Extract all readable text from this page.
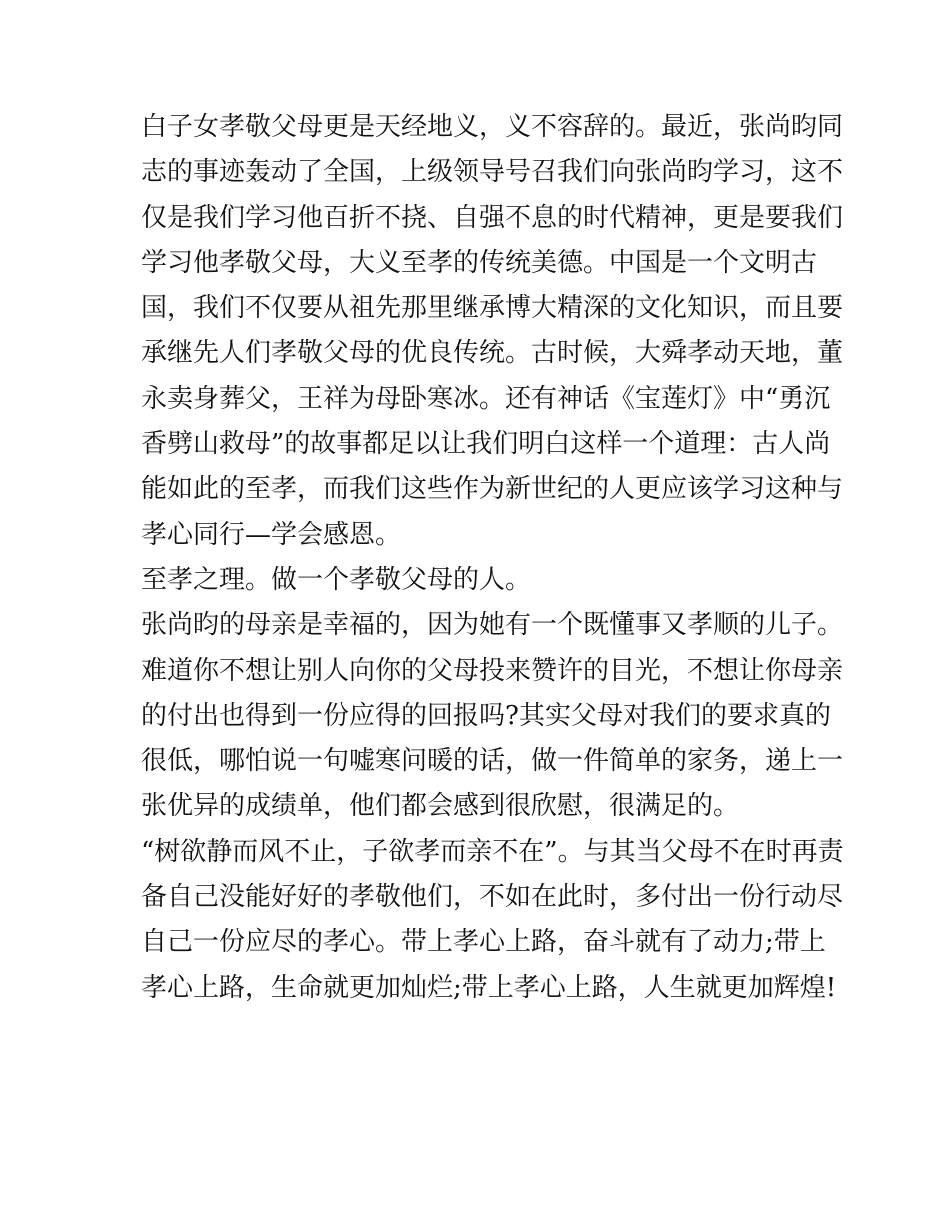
白子女孝敬父母更是天经地义，义不容辞的。最近，张尚昀同
志的事迹轰动了全国，上级领导号召我们向张尚昀学习，这不
仅是我们学习他百折不挠、自强不息的时代精神，更是要我们
学习他孝敬父母，大义至孝的传统美德。中国是一个文明古
国，我们不仅要从祖先那里继承博大精深的文化知识，而且要
承继先人们孝敬父母的优良传统。古时候，大舜孝动天地，董
永卖身葬父，王祥为母卧寒冰。还有神话《宝莲灯》中“勇沉
香劈山救母”的故事都足以让我们明白这样一个道理：古人尚
能如此的至孝，而我们这些作为新世纪的人更应该学习这种与
孝心同行—学会感恩。
至孝之理。做一个孝敬父母的人。
张尚昀的母亲是幸福的，因为她有一个既懂事又孝顺的儿子。
难道你不想让别人向你的父母投来赞许的目光，不想让你母亲
的付出也得到一份应得的回报吗?其实父母对我们的要求真的
很低，哪怕说一句嘘寒问暖的话，做一件简单的家务，递上一
张优异的成绩单，他们都会感到很欣慰，很满足的。
“树欲静而风不止，子欲孝而亲不在”。与其当父母不在时再责
备自己没能好好的孝敬他们，不如在此时，多付出一份行动尽
自己一份应尽的孝心。带上孝心上路，奋斗就有了动力;带上
孝心上路，生命就更加灿烂;带上孝心上路，人生就更加辉煌!
